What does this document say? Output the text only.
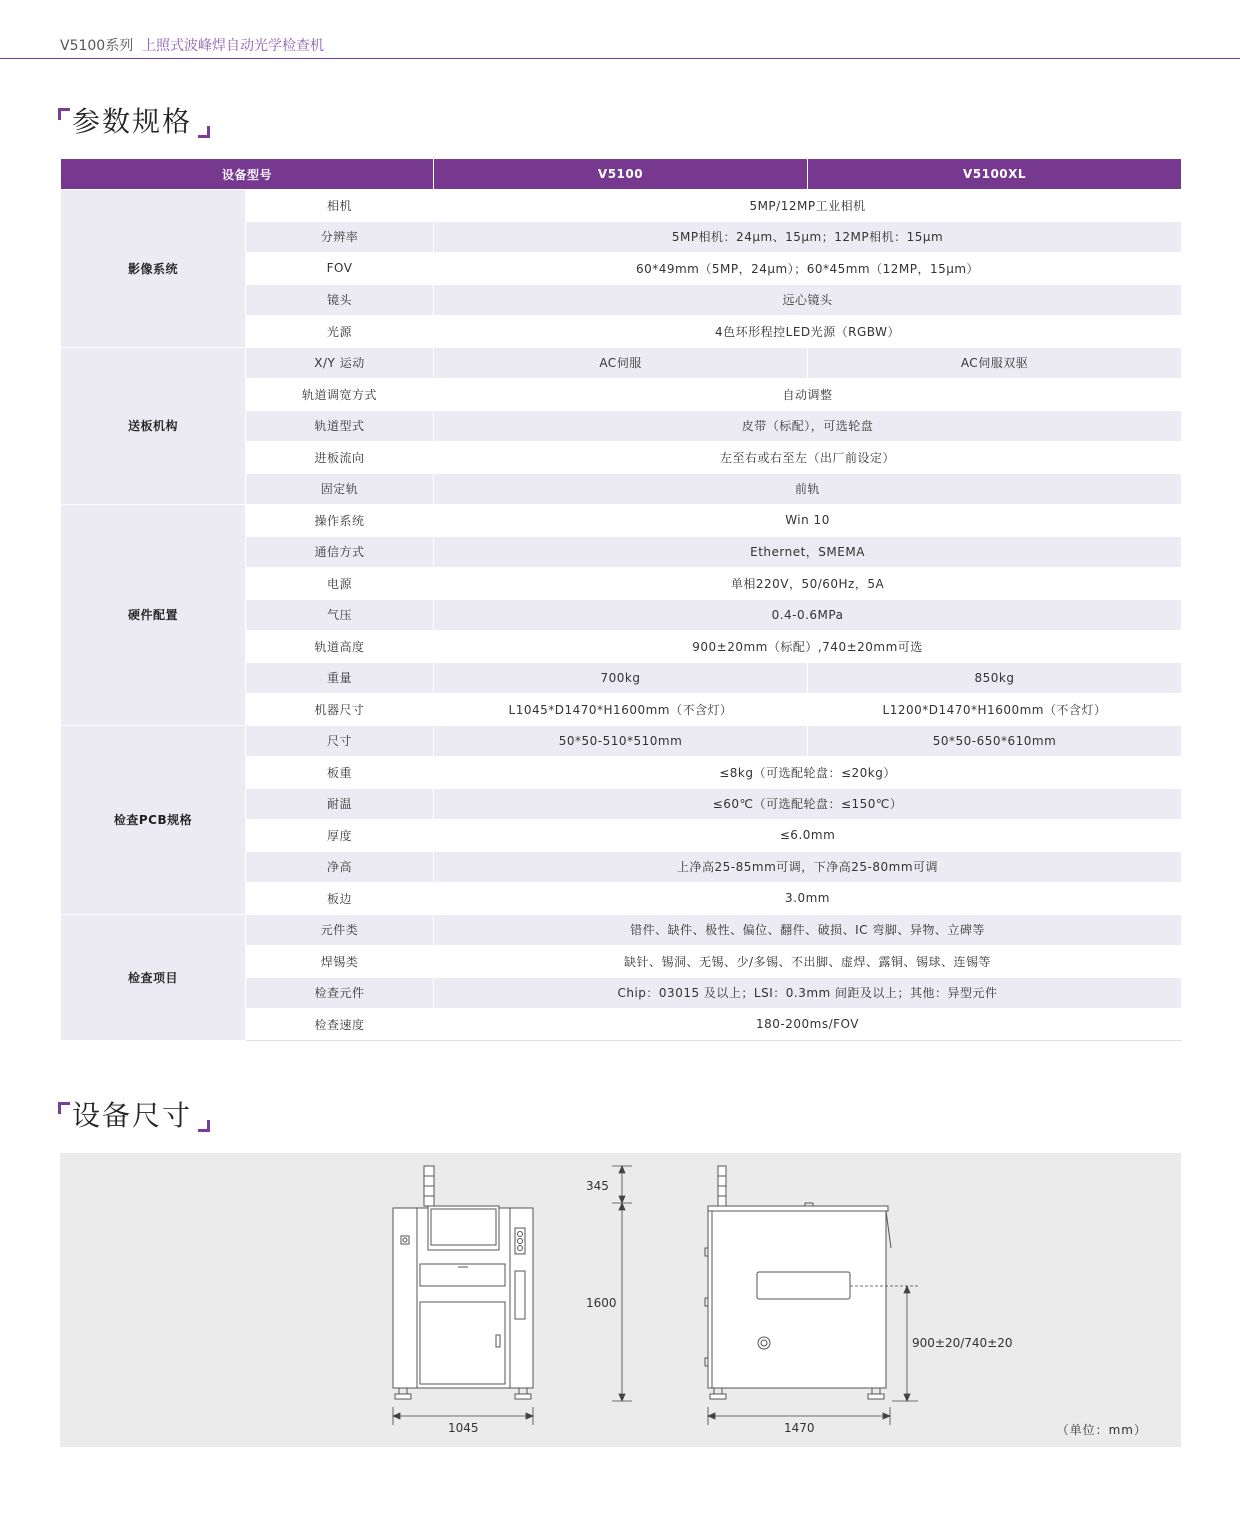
V5100系列 上照式波峰焊自动光学检查机
参数规格
设备型号		V5100	V5100XL
影像系统	相机	5MP/12MP工业相机	
	分辨率	5MP相机：24μm、15μm；12MP相机：15μm	
	FOV	60*49mm（5MP，24μm）；60*45mm（12MP，15μm）	
	镜头	远心镜头	
	光源	4色环形程控LED光源（RGBW）	
送板机构	X/Y 运动	AC伺服	AC伺服双驱
	轨道调宽方式	自动调整	
	轨道型式	皮带（标配），可选轮盘	
	进板流向	左至右或右至左（出厂前设定）	
	固定轨	前轨	
硬件配置	操作系统	Win 10	
	通信方式	Ethernet，SMEMA	
	电源	单相220V，50/60Hz，5A	
	气压	0.4-0.6MPa	
	轨道高度	900±20mm（标配）,740±20mm可选	
	重量	700kg	850kg
	机器尺寸	L1045*D1470*H1600mm（不含灯）	L1200*D1470*H1600mm（不含灯）
检查PCB规格	尺寸	50*50-510*510mm	50*50-650*610mm
	板重	≤8kg（可选配轮盘：≤20kg）	
	耐温	≤60℃（可选配轮盘：≤150℃）	
	厚度	≤6.0mm	
	净高	上净高25-85mm可调，下净高25-80mm可调	
	板边	3.0mm	
检查项目	元件类	错件、缺件、极性、偏位、翻件、破损、IC 弯脚、异物、立碑等	
	焊锡类	缺针、锡洞、无锡、少/多锡、不出脚、虚焊、露铜、锡球、连锡等	
	检查元件	Chip：03015 及以上；LSI：0.3mm 间距及以上；其他：异型元件	
	检查速度	180-200ms/FOV	
设备尺寸
345
1600
1045	1470
900±20/740±20
（单位：mm）
